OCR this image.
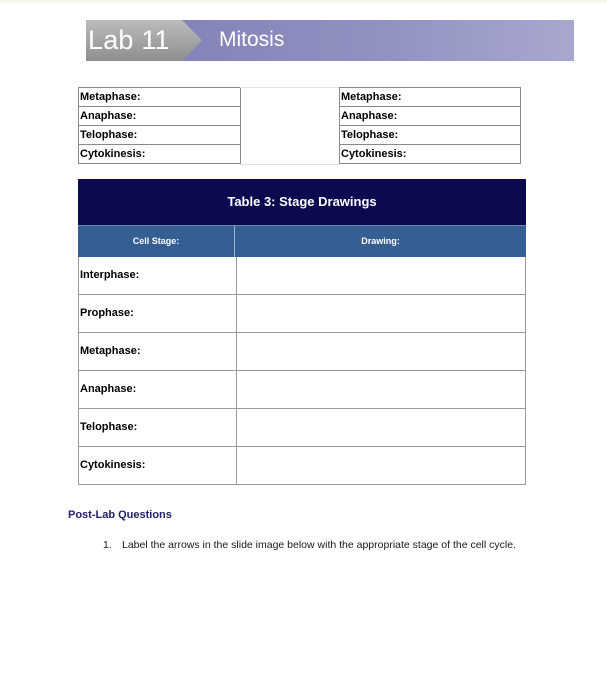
Lab 11 Mitosis
Metaphase:
Anaphase:
Telophase:
Cytokinesis:
Metaphase:
Anaphase:
Telophase:
Cytokinesis:
Table 3: Stage Drawings
Cell Stage:	Drawing:
Interphase:
Prophase:
Metaphase:
Anaphase:
Telophase:
Cytokinesis:
Post-Lab Questions
1. Label the arrows in the slide image below with the appropriate stage of the cell cycle.
